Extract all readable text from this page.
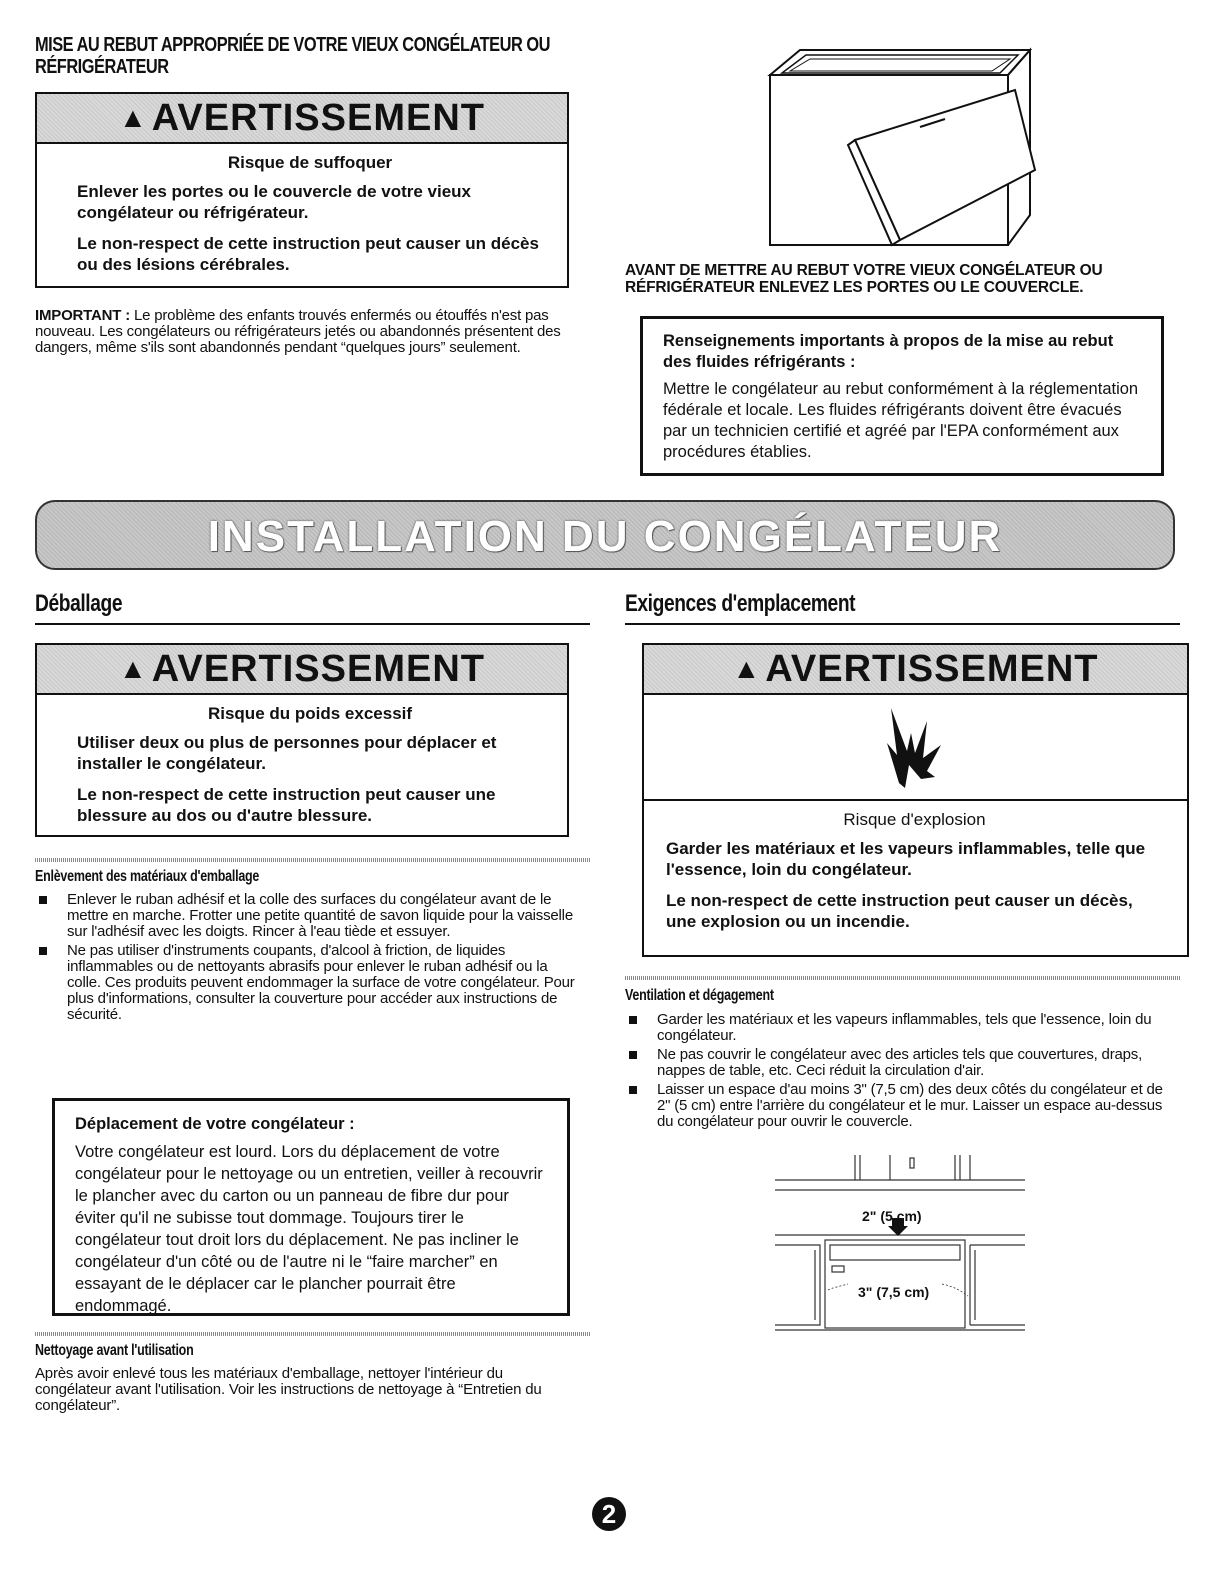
MISE AU REBUT APPROPRIÉE DE VOTRE VIEUX CONGÉLATEUR OU
RÉFRIGÉRATEUR
▲ AVERTISSEMENT
Risque de suffoquer

Enlever les portes ou le couvercle de votre vieux congélateur ou réfrigérateur.

Le non-respect de cette instruction peut causer un décès ou des lésions cérébrales.

IMPORTANT : Le problème des enfants trouvés enfermés ou étouffés n'est pas nouveau. Les congélateurs ou réfrigérateurs jetés ou abandonnés présentent des dangers, même s'ils sont abandonnés pendant “quelques jours” seulement.
AVANT DE METTRE AU REBUT VOTRE VIEUX CONGÉLATEUR OU RÉFRIGÉRATEUR ENLEVEZ LES PORTES OU LE COUVERCLE.
Renseignements importants à propos de la mise au rebut des fluides réfrigérants :
Mettre le congélateur au rebut conformément à la réglementation fédérale et locale. Les fluides réfrigérants doivent être évacués par un technicien certifié et agréé par l'EPA conformément aux procédures établies.
INSTALLATION DU CONGÉLATEUR
Déballage
▲ AVERTISSEMENT
Risque du poids excessif

Utiliser deux ou plus de personnes pour déplacer et installer le congélateur.

Le non-respect de cette instruction peut causer une blessure au dos ou d'autre blessure.

Enlèvement des matériaux d'emballage
Enlever le ruban adhésif et la colle des surfaces du congélateur avant de le mettre en marche. Frotter une petite quantité de savon liquide pour la vaisselle sur l'adhésif avec les doigts. Rincer à l'eau tiède et essuyer.
Ne pas utiliser d'instruments coupants, d'alcool à friction, de liquides inflammables ou de nettoyants abrasifs pour enlever le ruban adhésif ou la colle. Ces produits peuvent endommager la surface de votre congélateur. Pour plus d'informations, consulter la couverture pour accéder aux instructions de sécurité.
Déplacement de votre congélateur :
Votre congélateur est lourd. Lors du déplacement de votre congélateur pour le nettoyage ou un entretien, veiller à recouvrir le plancher avec du carton ou un panneau de fibre dur pour éviter qu'il ne subisse tout dommage. Toujours tirer le congélateur tout droit lors du déplacement. Ne pas incliner le congélateur d'un côté ou de l'autre ni le “faire marcher” en essayant de le déplacer car le plancher pourrait être endommagé.
Nettoyage avant l'utilisation
Après avoir enlevé tous les matériaux d'emballage, nettoyer l'intérieur du congélateur avant l'utilisation. Voir les instructions de nettoyage à “Entretien du congélateur”.
Exigences d'emplacement
▲ AVERTISSEMENT
Risque d'explosion

Garder les matériaux et les vapeurs inflammables, telle que l'essence, loin du congélateur.

Le non-respect de cette instruction peut causer un décès, une explosion ou un incendie.

Ventilation et dégagement
Garder les matériaux et les vapeurs inflammables, tels que l'essence, loin du congélateur.
Ne pas couvrir le congélateur avec des articles tels que couvertures, draps, nappes de table, etc. Ceci réduit la circulation d'air.
Laisser un espace d'au moins 3" (7,5 cm) des deux côtés du congélateur et de 2" (5 cm) entre l'arrière du congélateur et le mur. Laisser un espace au-dessus du congélateur pour ouvrir le couvercle.
2" (5 cm)
3" (7,5 cm)
2
